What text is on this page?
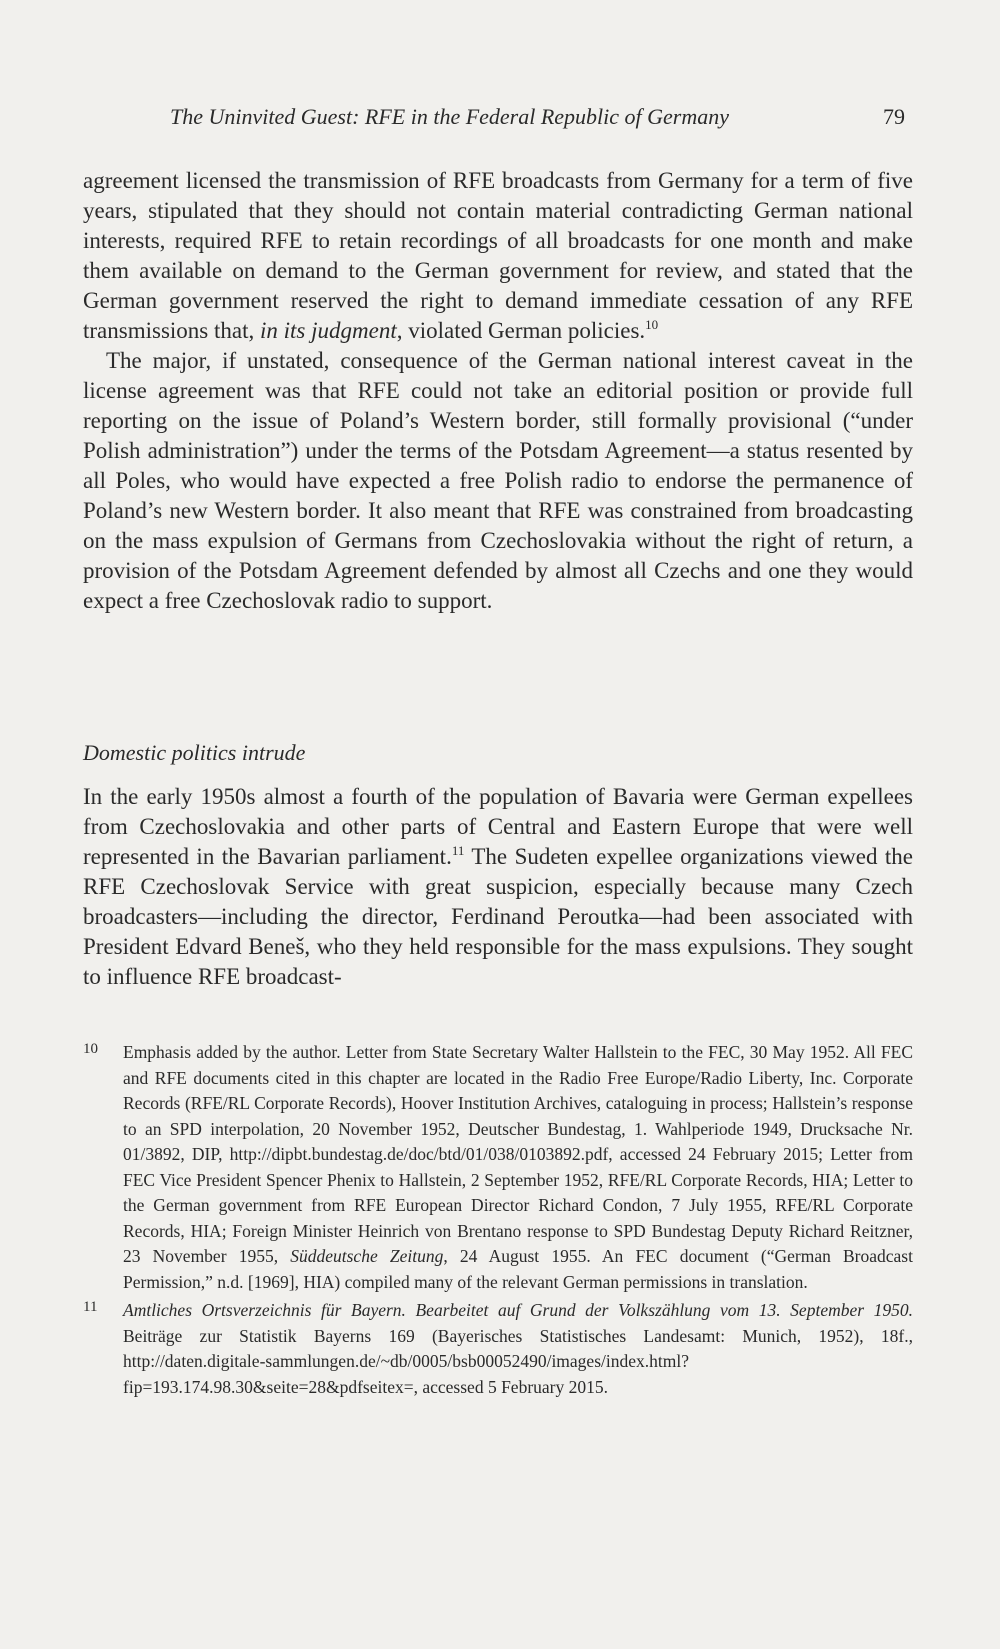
The Uninvited Guest: RFE in the Federal Republic of Germany	79

agreement licensed the transmission of RFE broadcasts from Germany for a term of five years, stipulated that they should not contain material contradicting German national interests, required RFE to retain recordings of all broadcasts for one month and make them available on demand to the German government for review, and stated that the German government reserved the right to demand immediate cessation of any RFE transmissions that, in its judgment, violated German policies.$^{10}$

The major, if unstated, consequence of the German national interest caveat in the license agreement was that RFE could not take an editorial position or provide full reporting on the issue of Poland’s Western border, still formally provisional (“under Polish administration”) under the terms of the Potsdam Agreement—a status resented by all Poles, who would have expected a free Polish radio to endorse the permanence of Poland’s new Western border. It also meant that RFE was constrained from broadcasting on the mass expulsion of Germans from Czechoslovakia without the right of return, a provision of the Potsdam Agreement defended by almost all Czechs and one they would expect a free Czechoslovak radio to support.

Domestic politics intrude

In the early 1950s almost a fourth of the population of Bavaria were German expellees from Czechoslovakia and other parts of Central and Eastern Europe that were well represented in the Bavarian parliament.$^{11}$ The Sudeten expellee organizations viewed the RFE Czechoslovak Service with great suspicion, especially because many Czech broadcasters—including the director, Ferdinand Peroutka—had been associated with President Edvard Beneš, who they held responsible for the mass expulsions. They sought to influence RFE broadcast-

10 Emphasis added by the author. Letter from State Secretary Walter Hallstein to the FEC, 30 May 1952. All FEC and RFE documents cited in this chapter are located in the Radio Free Europe/Radio Liberty, Inc. Corporate Records (RFE/RL Corporate Records), Hoover Institution Archives, cataloguing in process; Hallstein’s response to an SPD interpolation, 20 November 1952, Deutscher Bundestag, 1. Wahlperiode 1949, Drucksache Nr. 01/3892, DIP, http://dipbt.bundestag.de/doc/btd/01/038/0103892.pdf, accessed 24 February 2015; Letter from FEC Vice President Spencer Phenix to Hallstein, 2 September 1952, RFE/RL Corporate Records, HIA; Letter to the German government from RFE European Director Richard Condon, 7 July 1955, RFE/RL Corporate Records, HIA; Foreign Minister Heinrich von Brentano response to SPD Bundestag Deputy Richard Reitzner, 23 November 1955, Süddeutsche Zeitung, 24 August 1955. An FEC document (“German Broadcast Permission,” n.d. [1969], HIA) compiled many of the relevant German permissions in translation.
11 Amtliches Ortsverzeichnis für Bayern. Bearbeitet auf Grund der Volkszählung vom 13. September 1950. Beiträge zur Statistik Bayerns 169 (Bayerisches Statistisches Landesamt: Munich, 1952), 18f., http://daten.digitale-sammlungen.de/~db/0005/bsb00052490/images/index.html?fip=193.174.98.30&seite=28&pdfseitex=, accessed 5 February 2015.
